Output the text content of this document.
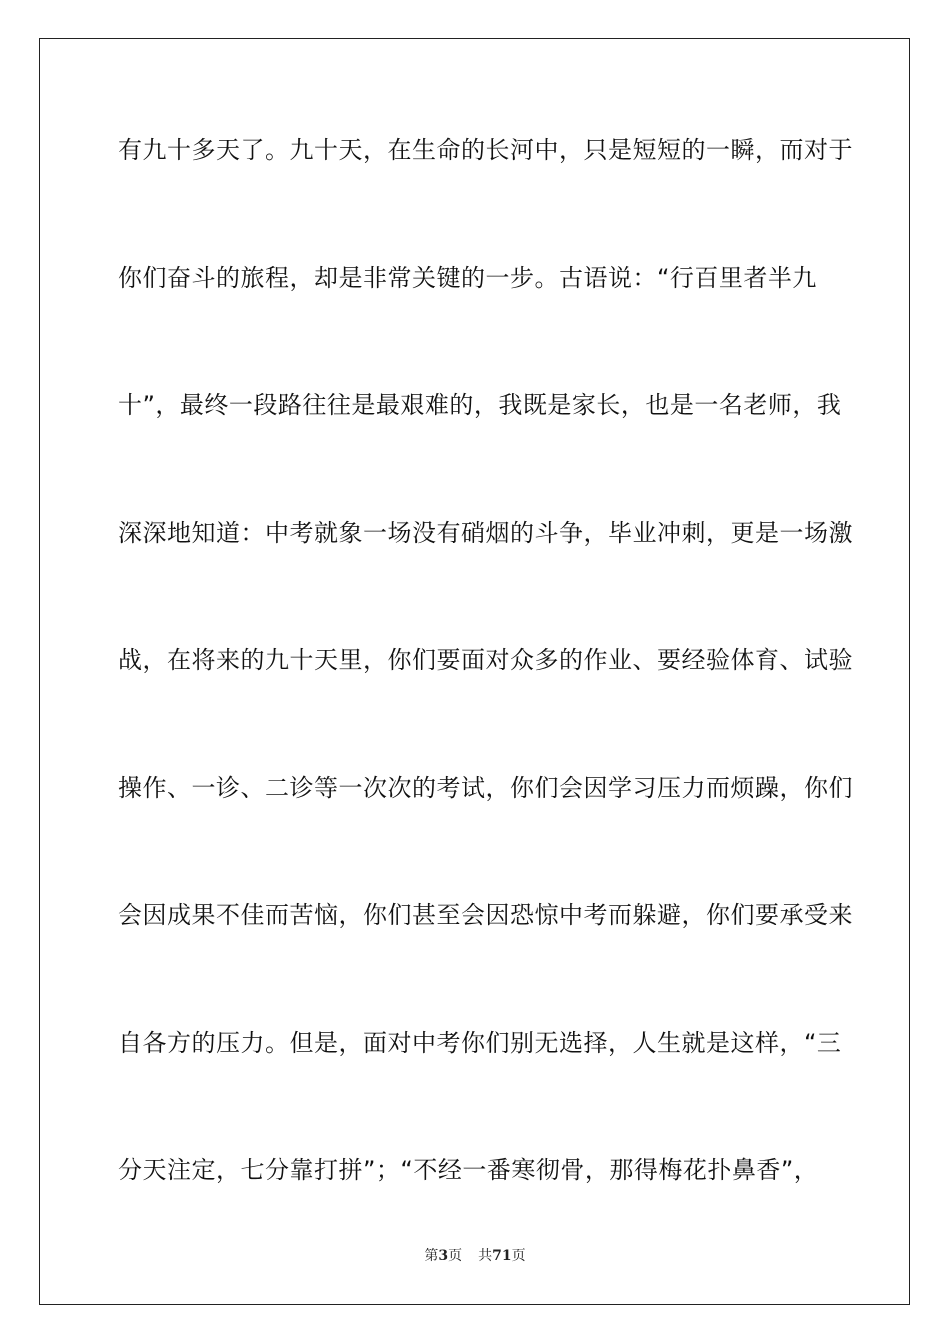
有九十多天了。九十天，在生命的长河中，只是短短的一瞬，而对于
你们奋斗的旅程，却是非常关键的一步。古语说：“行百里者半九
十”，最终一段路往往是最艰难的，我既是家长，也是一名老师，我
深深地知道：中考就象一场没有硝烟的斗争，毕业冲刺，更是一场激
战，在将来的九十天里，你们要面对众多的作业、要经验体育、试验
操作、一诊、二诊等一次次的考试，你们会因学习压力而烦躁，你们
会因成果不佳而苦恼，你们甚至会因恐惊中考而躲避，你们要承受来
自各方的压力。但是，面对中考你们别无选择，人生就是这样，“三
分天注定，七分靠打拼”；“不经一番寒彻骨，那得梅花扑鼻香”，
第3页 共71页
